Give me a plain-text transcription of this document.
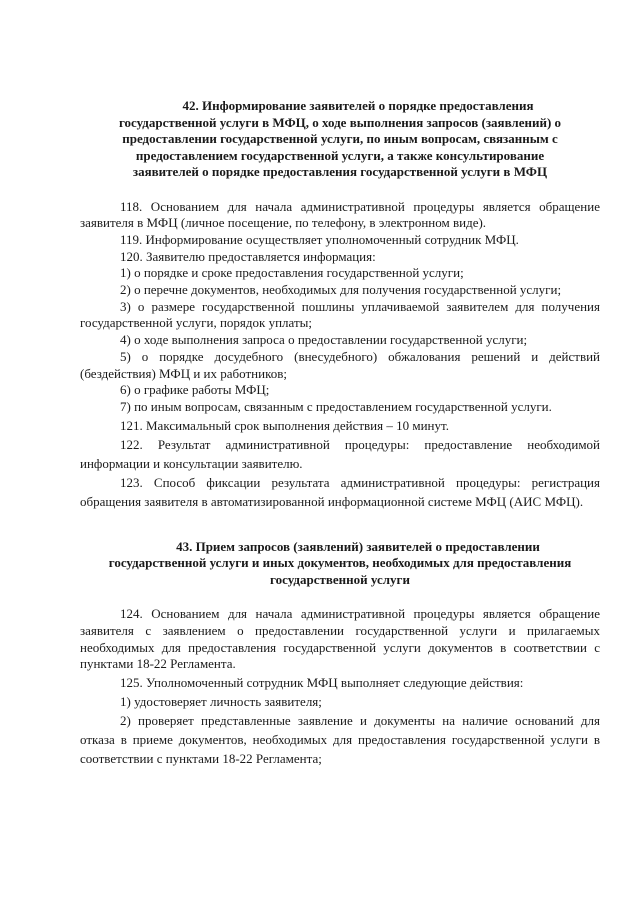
42. Информирование заявителей о порядке предоставления
государственной услуги в МФЦ, о ходе выполнения запросов (заявлений) о
предоставлении государственной услуги, по иным вопросам, связанным с
предоставлением государственной услуги, а также консультирование
заявителей о порядке предоставления государственной услуги в МФЦ

118. Основанием для начала административной процедуры является обращение заявителя в МФЦ (личное посещение, по телефону, в электронном виде).

119. Информирование осуществляет уполномоченный сотрудник МФЦ.

120. Заявителю предоставляется информация:

1) о порядке и сроке предоставления государственной услуги;

2) о перечне документов, необходимых для получения государственной услуги;

3) о размере государственной пошлины уплачиваемой заявителем для получения государственной услуги, порядок уплаты;

4) о ходе выполнения запроса о предоставлении государственной услуги;

5) о порядке досудебного (внесудебного) обжалования решений и действий (бездействия) МФЦ и их работников;

6) о графике работы МФЦ;

7) по иным вопросам, связанным с предоставлением государственной услуги.

121. Максимальный срок выполнения действия – 10 минут.

122. Результат административной процедуры: предоставление необходимой информации и консультации заявителю.

123. Способ фиксации результата административной процедуры: регистрация обращения заявителя в автоматизированной информационной системе МФЦ (АИС МФЦ).

43. Прием запросов (заявлений) заявителей о предоставлении
государственной услуги и иных документов, необходимых для предоставления
государственной услуги

124. Основанием для начала административной процедуры является обращение заявителя с заявлением о предоставлении государственной услуги и прилагаемых необходимых для предоставления государственной услуги документов в соответствии с пунктами 18-22 Регламента.

125. Уполномоченный сотрудник МФЦ выполняет следующие действия:

1) удостоверяет личность заявителя;

2) проверяет представленные заявление и документы на наличие оснований для отказа в приеме документов, необходимых для предоставления государственной услуги в соответствии с пунктами 18-22 Регламента;
